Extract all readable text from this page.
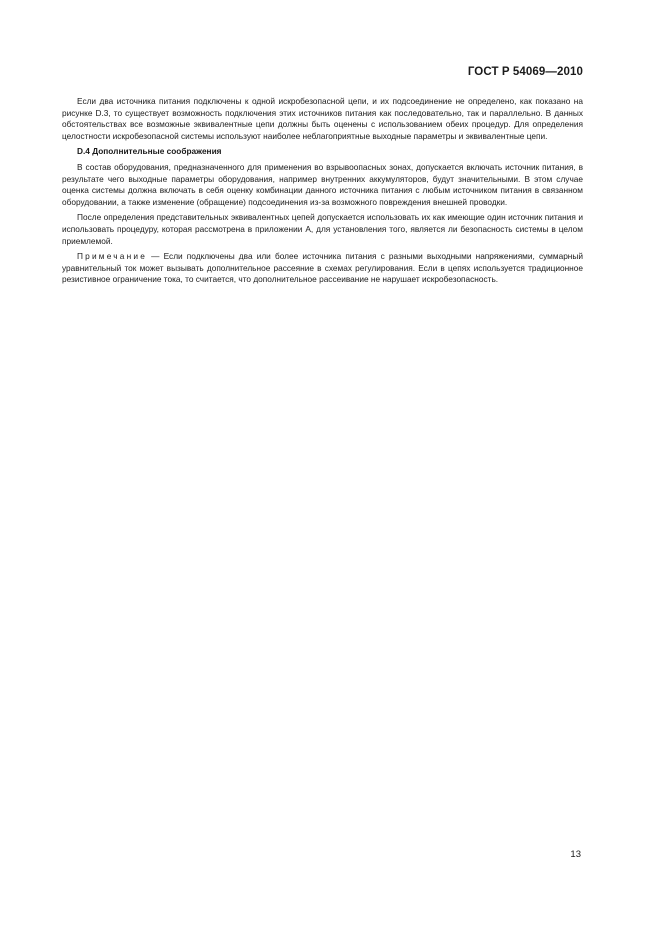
ГОСТ Р 54069—2010

Если два источника питания подключены к одной искробезопасной цепи, и их подсоединение не определено, как показано на рисунке D.3, то существует возможность подключения этих источников питания как последовательно, так и параллельно. В данных обстоятельствах все возможные эквивалентные цепи должны быть оценены с использованием обеих процедур. Для определения целостности искробезопасной системы используют наиболее неблагоприятные выходные параметры и эквивалентные цепи.

D.4 Дополнительные соображения

В состав оборудования, предназначенного для применения во взрывоопасных зонах, допускается включать источник питания, в результате чего выходные параметры оборудования, например внутренних аккумуляторов, будут значительными. В этом случае оценка системы должна включать в себя оценку комбинации данного источника питания с любым источником питания в связанном оборудовании, а также изменение (обращение) подсоединения из-за возможного повреждения внешней проводки.

После определения представительных эквивалентных цепей допускается использовать их как имеющие один источник питания и использовать процедуру, которая рассмотрена в приложении А, для установления того, является ли безопасность системы в целом приемлемой.

Примечание — Если подключены два или более источника питания с разными выходными напряжениями, суммарный уравнительный ток может вызывать дополнительное рассеяние в схемах регулирования. Если в цепях используется традиционное резистивное ограничение тока, то считается, что дополнительное рассеивание не нарушает искробезопасность.

13
